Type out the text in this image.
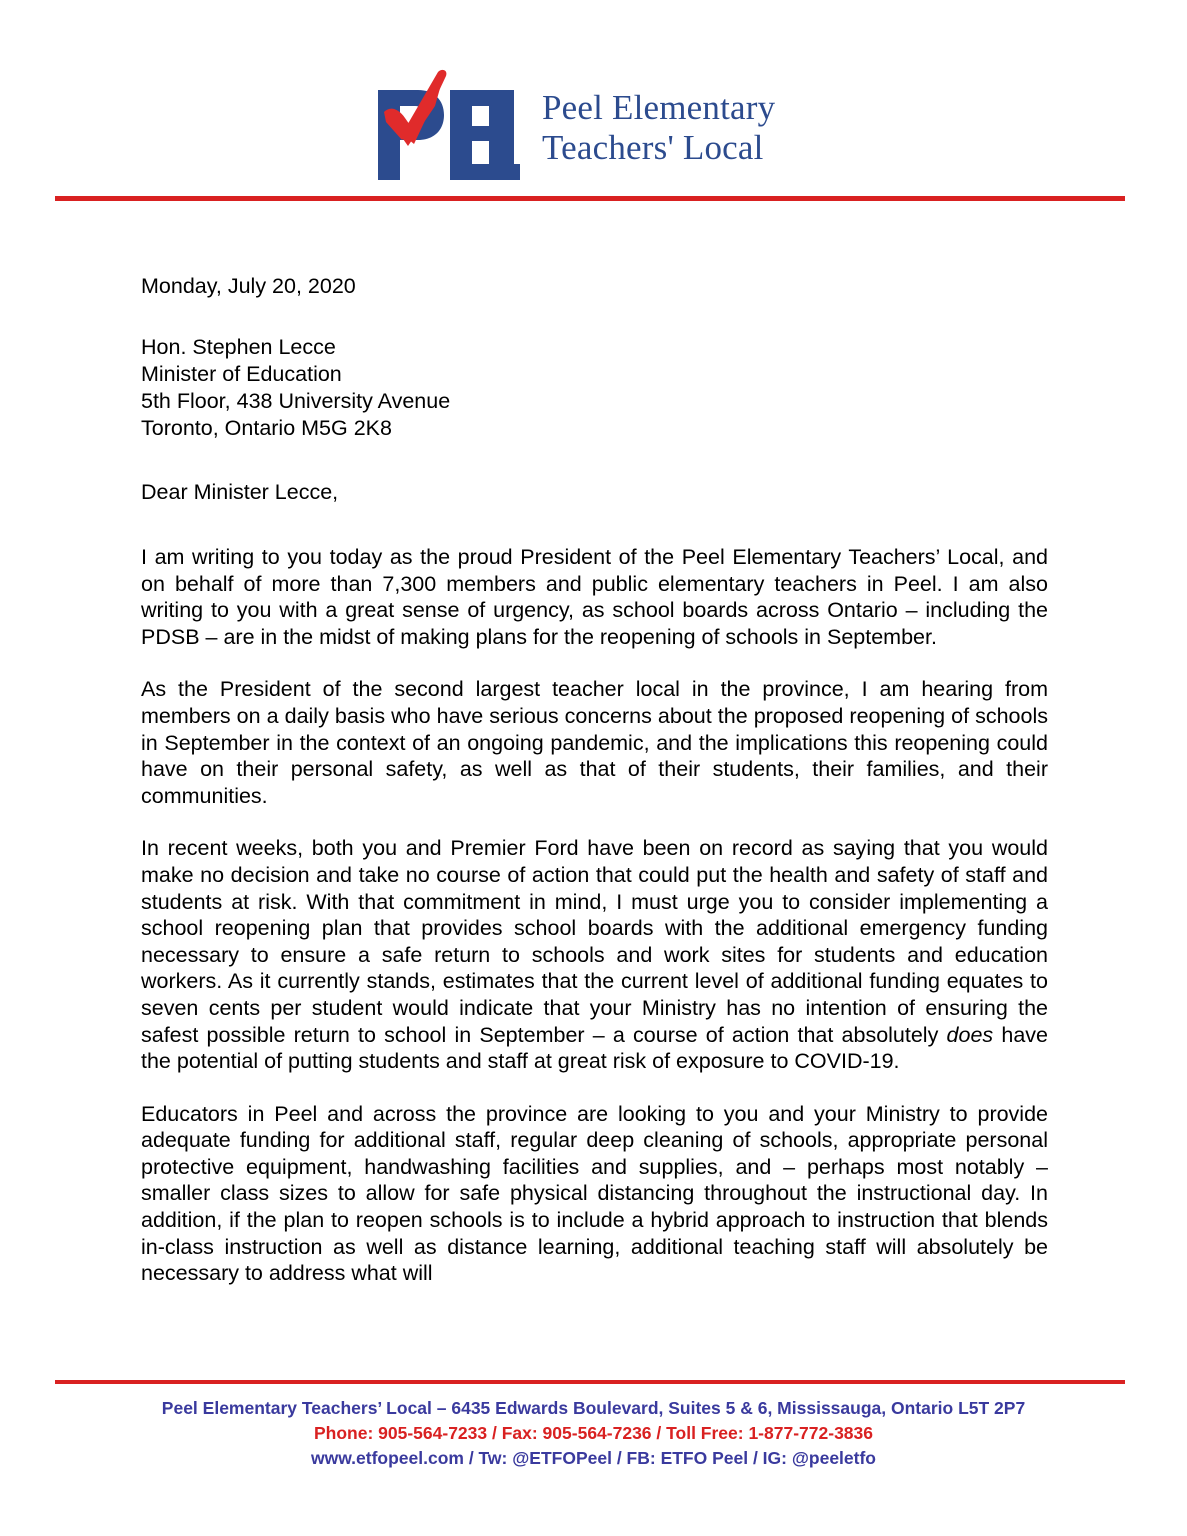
Peel Elementary
Teachers' Local

Monday, July 20, 2020

Hon. Stephen Lecce
Minister of Education
5th Floor, 438 University Avenue
Toronto, Ontario M5G 2K8

Dear Minister Lecce,

I am writing to you today as the proud President of the Peel Elementary Teachers’ Local, and on behalf of more than 7,300 members and public elementary teachers in Peel. I am also writing to you with a great sense of urgency, as school boards across Ontario – including the PDSB – are in the midst of making plans for the reopening of schools in September.

As the President of the second largest teacher local in the province, I am hearing from members on a daily basis who have serious concerns about the proposed reopening of schools in September in the context of an ongoing pandemic, and the implications this reopening could have on their personal safety, as well as that of their students, their families, and their communities.

In recent weeks, both you and Premier Ford have been on record as saying that you would make no decision and take no course of action that could put the health and safety of staff and students at risk. With that commitment in mind, I must urge you to consider implementing a school reopening plan that provides school boards with the additional emergency funding necessary to ensure a safe return to schools and work sites for students and education workers. As it currently stands, estimates that the current level of additional funding equates to seven cents per student would indicate that your Ministry has no intention of ensuring the safest possible return to school in September – a course of action that absolutely does have the potential of putting students and staff at great risk of exposure to COVID-19.

Educators in Peel and across the province are looking to you and your Ministry to provide adequate funding for additional staff, regular deep cleaning of schools, appropriate personal protective equipment, handwashing facilities and supplies, and – perhaps most notably – smaller class sizes to allow for safe physical distancing throughout the instructional day. In addition, if the plan to reopen schools is to include a hybrid approach to instruction that blends in-class instruction as well as distance learning, additional teaching staff will absolutely be necessary to address what will

Peel Elementary Teachers’ Local – 6435 Edwards Boulevard, Suites 5 & 6, Mississauga, Ontario L5T 2P7
Phone: 905-564-7233 / Fax: 905-564-7236 / Toll Free: 1-877-772-3836
www.etfopeel.com / Tw: @ETFOPeel / FB: ETFO Peel / IG: @peeletfo
